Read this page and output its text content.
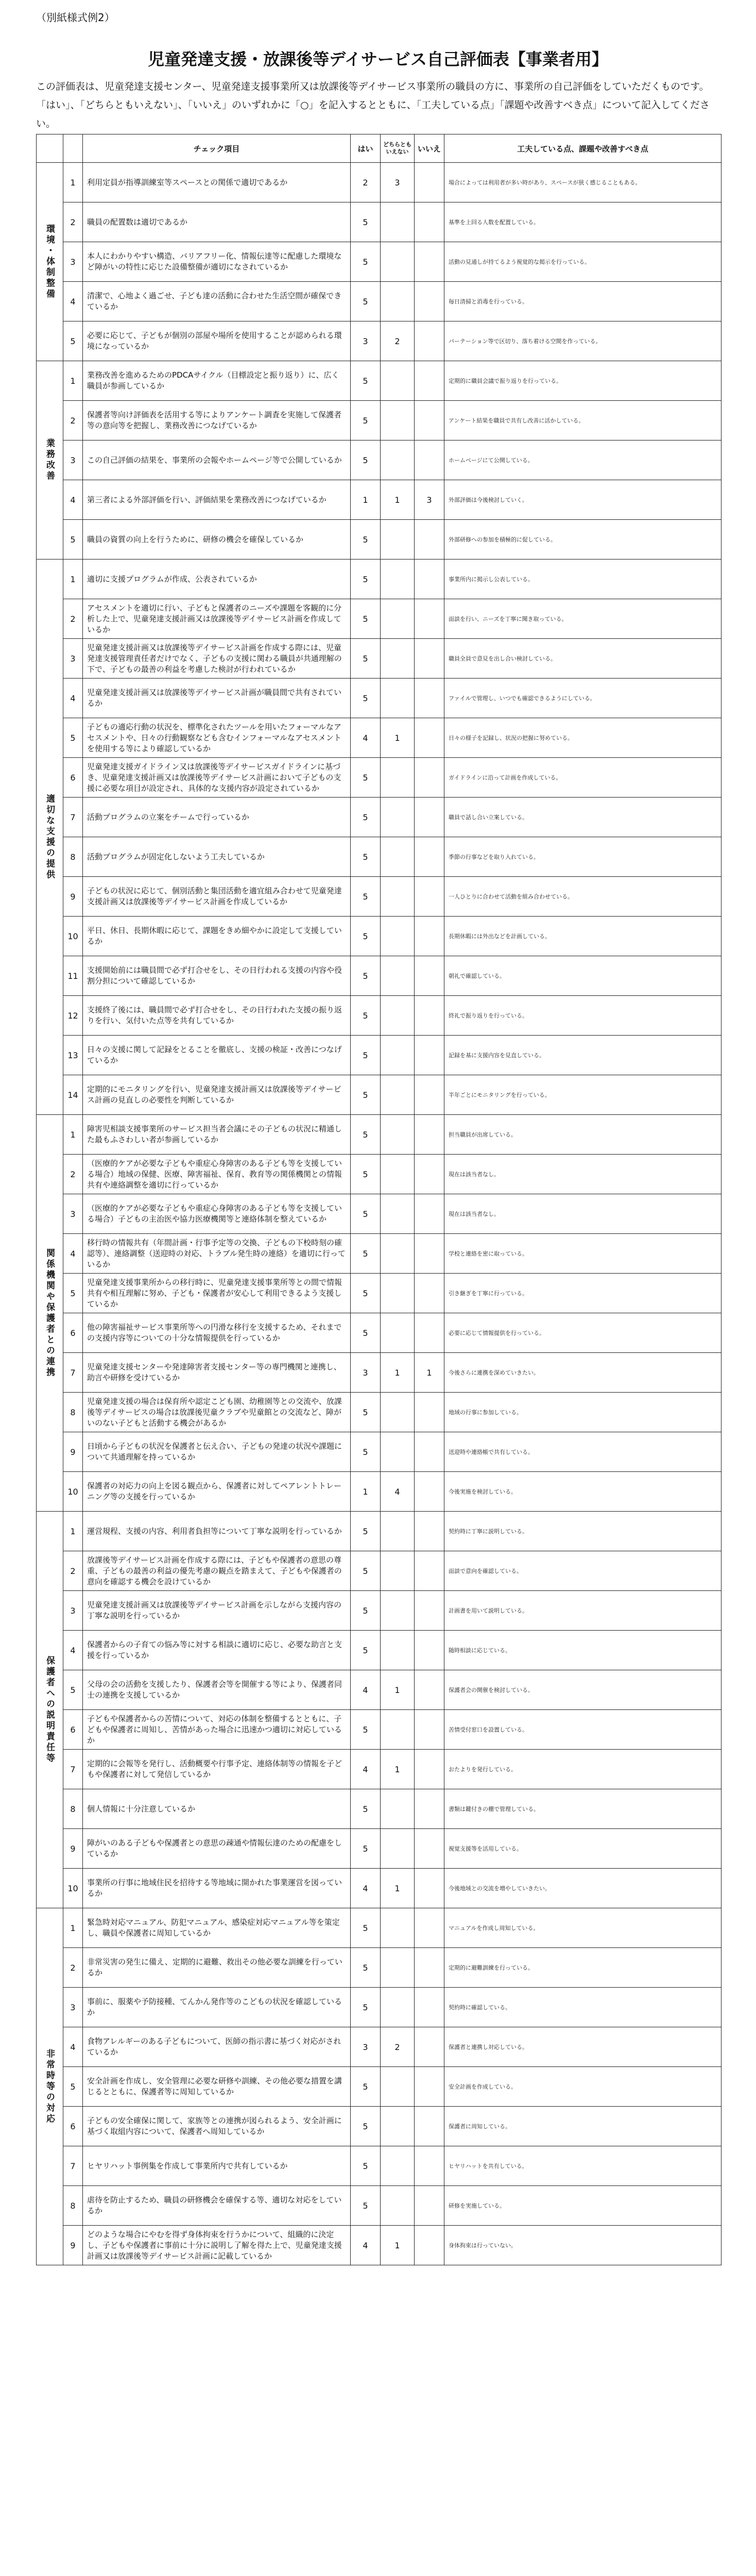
（別紙様式例2）
児童発達支援・放課後等デイサービス自己評価表【事業者用】
この評価表は、児童発達支援センター、児童発達支援事業所又は放課後等デイサービス事業所の職員の方に、事業所の自己評価をしていただくものです。「はい」、「どちらともいえない」、「いいえ」のいずれかに「○」を記入するとともに、「工夫している点」「課題や改善すべき点」について記入してください。
		チェック項目	はい	どちらともいえない	いいえ	工夫している点、課題や改善すべき点
環境・体制整備	1	利用定員が指導訓練室等スペースとの関係で適切であるか	2	3		場合によっては利用者が多い時があり、スペースが狭く感じることもある。
	2	職員の配置数は適切であるか	5			基準を上回る人数を配置している。
	3	本人にわかりやすい構造、バリアフリー化、情報伝達等に配慮した環境など障がいの特性に応じた設備整備が適切になされているか	5			活動の見通しが持てるよう視覚的な掲示を行っている。
	4	清潔で、心地よく過ごせ、子ども達の活動に合わせた生活空間が確保できているか	5			毎日清掃と消毒を行っている。
	5	必要に応じて、子どもが個別の部屋や場所を使用することが認められる環境になっているか	3	2		パーテーション等で区切り、落ち着ける空間を作っている。
業務改善	1	業務改善を進めるためのPDCAサイクル（目標設定と振り返り）に、広く職員が参画しているか	5			定期的に職員会議で振り返りを行っている。
	2	保護者等向け評価表を活用する等によりアンケート調査を実施して保護者等の意向等を把握し、業務改善につなげているか	5			アンケート結果を職員で共有し改善に活かしている。
	3	この自己評価の結果を、事業所の会報やホームページ等で公開しているか	5			ホームページにて公開している。
	4	第三者による外部評価を行い、評価結果を業務改善につなげているか	1	1	3	外部評価は今後検討していく。
	5	職員の資質の向上を行うために、研修の機会を確保しているか	5			外部研修への参加を積極的に促している。
適切な支援の提供	1	適切に支援プログラムが作成、公表されているか	5			事業所内に掲示し公表している。
	2	アセスメントを適切に行い、子どもと保護者のニーズや課題を客観的に分析した上で、児童発達支援計画又は放課後等デイサービス計画を作成しているか	5			面談を行い、ニーズを丁寧に聞き取っている。
	3	児童発達支援計画又は放課後等デイサービス計画を作成する際には、児童発達支援管理責任者だけでなく、子どもの支援に関わる職員が共通理解の下で、子どもの最善の利益を考慮した検討が行われているか	5			職員全員で意見を出し合い検討している。
	4	児童発達支援計画又は放課後等デイサービス計画が職員間で共有されているか	5			ファイルで管理し、いつでも確認できるようにしている。
	5	子どもの適応行動の状況を、標準化されたツールを用いたフォーマルなアセスメントや、日々の行動観察なども含むインフォーマルなアセスメントを使用する等により確認しているか	4	1		日々の様子を記録し、状況の把握に努めている。
	6	児童発達支援ガイドライン又は放課後等デイサービスガイドラインに基づき、児童発達支援計画又は放課後等デイサービス計画において子どもの支援に必要な項目が設定され、具体的な支援内容が設定されているか	5			ガイドラインに沿って計画を作成している。
	7	活動プログラムの立案をチームで行っているか	5			職員で話し合い立案している。
	8	活動プログラムが固定化しないよう工夫しているか	5			季節の行事などを取り入れている。
	9	子どもの状況に応じて、個別活動と集団活動を適宜組み合わせて児童発達支援計画又は放課後等デイサービス計画を作成しているか	5			一人ひとりに合わせて活動を組み合わせている。
	10	平日、休日、長期休暇に応じて、課題をきめ細やかに設定して支援しているか	5			長期休暇には外出などを計画している。
	11	支援開始前には職員間で必ず打合せをし、その日行われる支援の内容や役割分担について確認しているか	5			朝礼で確認している。
	12	支援終了後には、職員間で必ず打合せをし、その日行われた支援の振り返りを行い、気付いた点等を共有しているか	5			終礼で振り返りを行っている。
	13	日々の支援に関して記録をとることを徹底し、支援の検証・改善につなげているか	5			記録を基に支援内容を見直している。
	14	定期的にモニタリングを行い、児童発達支援計画又は放課後等デイサービス計画の見直しの必要性を判断しているか	5			半年ごとにモニタリングを行っている。
関係機関や保護者との連携	1	障害児相談支援事業所のサービス担当者会議にその子どもの状況に精通した最もふさわしい者が参画しているか	5			担当職員が出席している。
	2	（医療的ケアが必要な子どもや重症心身障害のある子ども等を支援している場合）地域の保健、医療、障害福祉、保育、教育等の関係機関との情報共有や連絡調整を適切に行っているか	5			現在は該当者なし。
	3	（医療的ケアが必要な子どもや重症心身障害のある子ども等を支援している場合）子どもの主治医や協力医療機関等と連絡体制を整えているか	5			現在は該当者なし。
	4	移行時の情報共有（年間計画・行事予定等の交換、子どもの下校時刻の確認等）、連絡調整（送迎時の対応、トラブル発生時の連絡）を適切に行っているか	5			学校と連絡を密に取っている。
	5	児童発達支援事業所からの移行時に、児童発達支援事業所等との間で情報共有や相互理解に努め、子ども・保護者が安心して利用できるよう支援しているか	5			引き継ぎを丁寧に行っている。
	6	他の障害福祉サービス事業所等への円滑な移行を支援するため、それまでの支援内容等についての十分な情報提供を行っているか	5			必要に応じて情報提供を行っている。
	7	児童発達支援センターや発達障害者支援センター等の専門機関と連携し、助言や研修を受けているか	3	1	1	今後さらに連携を深めていきたい。
	8	児童発達支援の場合は保育所や認定こども園、幼稚園等との交流や、放課後等デイサービスの場合は放課後児童クラブや児童館との交流など、障がいのない子どもと活動する機会があるか	5			地域の行事に参加している。
	9	日頃から子どもの状況を保護者と伝え合い、子どもの発達の状況や課題について共通理解を持っているか	5			送迎時や連絡帳で共有している。
	10	保護者の対応力の向上を図る観点から、保護者に対してペアレントトレーニング等の支援を行っているか	1	4		今後実施を検討している。
保護者への説明責任等	1	運営規程、支援の内容、利用者負担等について丁寧な説明を行っているか	5			契約時に丁寧に説明している。
	2	放課後等デイサービス計画を作成する際には、子どもや保護者の意思の尊重、子どもの最善の利益の優先考慮の観点を踏まえて、子どもや保護者の意向を確認する機会を設けているか	5			面談で意向を確認している。
	3	児童発達支援計画又は放課後等デイサービス計画を示しながら支援内容の丁寧な説明を行っているか	5			計画書を用いて説明している。
	4	保護者からの子育ての悩み等に対する相談に適切に応じ、必要な助言と支援を行っているか	5			随時相談に応じている。
	5	父母の会の活動を支援したり、保護者会等を開催する等により、保護者同士の連携を支援しているか	4	1		保護者会の開催を検討している。
	6	子どもや保護者からの苦情について、対応の体制を整備するとともに、子どもや保護者に周知し、苦情があった場合に迅速かつ適切に対応しているか	5			苦情受付窓口を設置している。
	7	定期的に会報等を発行し、活動概要や行事予定、連絡体制等の情報を子どもや保護者に対して発信しているか	4	1		おたよりを発行している。
	8	個人情報に十分注意しているか	5			書類は鍵付きの棚で管理している。
	9	障がいのある子どもや保護者との意思の疎通や情報伝達のための配慮をしているか	5			視覚支援等を活用している。
	10	事業所の行事に地域住民を招待する等地域に開かれた事業運営を図っているか	4	1		今後地域との交流を増やしていきたい。
非常時等の対応	1	緊急時対応マニュアル、防犯マニュアル、感染症対応マニュアル等を策定し、職員や保護者に周知しているか	5			マニュアルを作成し周知している。
	2	非常災害の発生に備え、定期的に避難、救出その他必要な訓練を行っているか	5			定期的に避難訓練を行っている。
	3	事前に、服薬や予防接種、てんかん発作等のこどもの状況を確認しているか	5			契約時に確認している。
	4	食物アレルギーのある子どもについて、医師の指示書に基づく対応がされているか	3	2		保護者と連携し対応している。
	5	安全計画を作成し、安全管理に必要な研修や訓練、その他必要な措置を講じるとともに、保護者等に周知しているか	5			安全計画を作成している。
	6	子どもの安全確保に関して、家族等との連携が図られるよう、安全計画に基づく取組内容について、保護者へ周知しているか	5			保護者に周知している。
	7	ヒヤリハット事例集を作成して事業所内で共有しているか	5			ヒヤリハットを共有している。
	8	虐待を防止するため、職員の研修機会を確保する等、適切な対応をしているか	5			研修を実施している。
	9	どのような場合にやむを得ず身体拘束を行うかについて、組織的に決定し、子どもや保護者に事前に十分に説明し了解を得た上で、児童発達支援計画又は放課後等デイサービス計画に記載しているか	4	1		身体拘束は行っていない。
